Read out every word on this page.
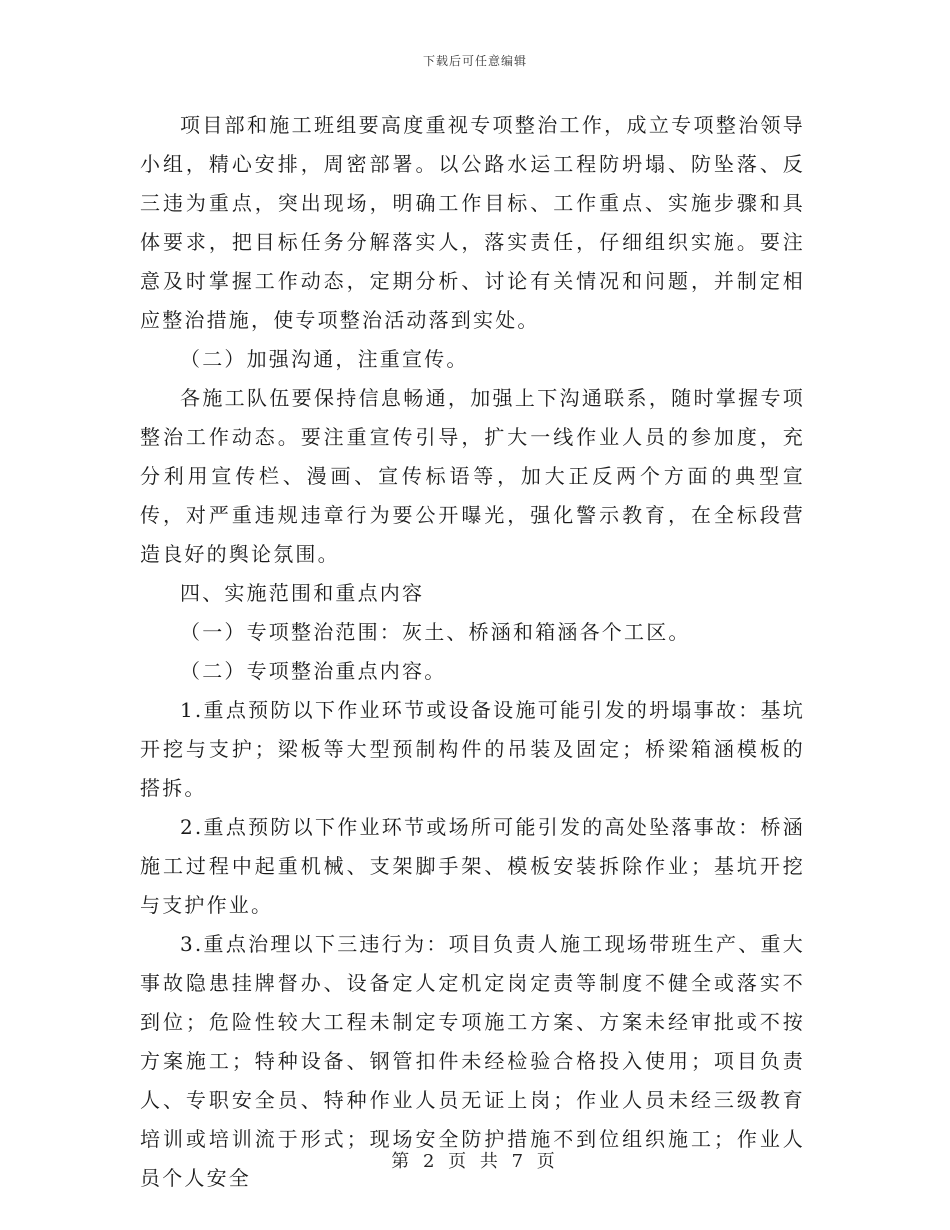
下载后可任意编辑

项目部和施工班组要高度重视专项整治工作，成立专项整治领导小组，精心安排，周密部署。以公路水运工程防坍塌、防坠落、反三违为重点，突出现场，明确工作目标、工作重点、实施步骤和具体要求，把目标任务分解落实人，落实责任，仔细组织实施。要注意及时掌握工作动态，定期分析、讨论有关情况和问题，并制定相应整治措施，使专项整治活动落到实处。

（二）加强沟通，注重宣传。

各施工队伍要保持信息畅通，加强上下沟通联系，随时掌握专项整治工作动态。要注重宣传引导，扩大一线作业人员的参加度，充分利用宣传栏、漫画、宣传标语等，加大正反两个方面的典型宣传，对严重违规违章行为要公开曝光，强化警示教育，在全标段营造良好的舆论氛围。

四、实施范围和重点内容

（一）专项整治范围：灰土、桥涵和箱涵各个工区。

（二）专项整治重点内容。

1.重点预防以下作业环节或设备设施可能引发的坍塌事故：基坑开挖与支护；梁板等大型预制构件的吊装及固定；桥梁箱涵模板的搭拆。

2.重点预防以下作业环节或场所可能引发的高处坠落事故：桥涵施工过程中起重机械、支架脚手架、模板安装拆除作业；基坑开挖与支护作业。

3.重点治理以下三违行为：项目负责人施工现场带班生产、重大事故隐患挂牌督办、设备定人定机定岗定责等制度不健全或落实不到位；危险性较大工程未制定专项施工方案、方案未经审批或不按方案施工；特种设备、钢管扣件未经检验合格投入使用；项目负责人、专职安全员、特种作业人员无证上岗；作业人员未经三级教育培训或培训流于形式；现场安全防护措施不到位组织施工；作业人员个人安全

第 2 页 共 7 页
